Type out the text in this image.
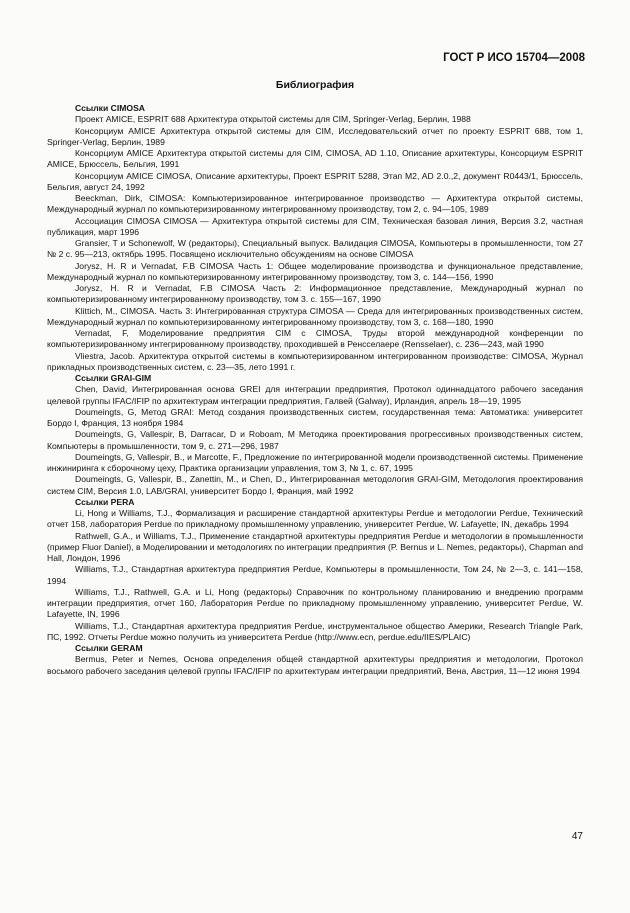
ГОСТ Р ИСО 15704—2008
Библиография
Ссылки CIMOSA
Проект AMICE, ESPRIT 688 Архитектура открытой системы для CIM, Springer-Verlag, Берлин, 1988
Консорциум AMICE Архитектура открытой системы для CIM, Исследовательский отчет по проекту ESPRIT 688, том 1, Springer-Verlag, Берлин, 1989
Консорциум AMICE Архитектура открытой системы для CIM, CIMOSA, AD 1.10, Описание архитектуры, Консорциум ESPRIT AMICE, Брюссель, Бельгия, 1991
Консорциум AMICE CIMOSA, Описание архитектуры, Проект ESPRIT 5288, Этап M2, AD 2.0.,2, документ R0443/1, Брюссель, Бельгия, август 24, 1992
Beeckman, Dirk, CIMOSA: Компьютеризированное интегрированное производство — Архитектура открытой системы, Международный журнал по компьютеризированному интегрированному производству, том 2, с. 94—105, 1989
Ассоциация CIMOSA CIMOSA — Архитектура открытой системы для CIM, Техническая базовая линия, Версия 3.2, частная публикация, март 1996
Gransier, T и Schonewolf, W (редакторы), Специальный выпуск. Валидация CIMOSA, Компьютеры в промышленности, том 27 № 2 с. 95—213, октябрь 1995. Посвящено исключительно обсуждениям на основе CIMOSA
Jorysz, H. R и Vernadat, F.B CIMOSA Часть 1: Общее моделирование производства и функциональное представление, Международный журнал по компьютеризированному интегрированному производству, том 3, с. 144—156, 1990
Jorysz, H. R и Vernadat, F.B CIMOSA Часть 2: Информационное представление, Международный журнал по компьютеризированному интегрированному производству, том 3. с. 155—167, 1990
Klittich, M., CIMOSA. Часть 3: Интегрированная структура CIMOSA — Среда для интегрированных производственных систем, Международный журнал по компьютеризированному интегрированному производству, том 3, с. 168—180, 1990
Vernadat, F, Моделирование предприятия CIM с CIMOSA, Труды второй международной конференции по компьютеризированному интегрированному производству, проходившей в Ренсселаере (Rensselaer), с. 236—243, май 1990
Vliestra, Jacob. Архитектура открытой системы в компьютеризированном интегрированном производстве: CIMOSA, Журнал прикладных производственных систем, с. 23—35, лето 1991 г.
Ссылки GRAI-GIM
Chen, David, Интегрированная основа GREI для интеграции предприятия, Протокол одиннадцатого рабочего заседания целевой группы IFAC/IFIP по архитектурам интеграции предприятия, Галвей (Galway), Ирландия, апрель 18—19, 1995
Doumeingts, G, Метод GRAI: Метод создания производственных систем, государственная тема: Автоматика: университет Бордо I, Франция, 13 ноября 1984
Doumeingts, G, Vallespir, B, Darracar, D и Roboam, M Методика проектирования прогрессивных производственных систем, Компьютеры в промышленности, том 9, с. 271—296, 1987
Doumeingts, G, Vallespir, B., и Marcotte, F., Предложение по интегрированной модели производственной системы. Применение инжиниринга к сборочному цеху, Практика организации управления, том 3, № 1, с. 67, 1995
Doumeingts, G, Vallespir, B., Zanettin, M., и Chen, D., Интегрированная методология GRAI-GIM, Методология проектирования систем CIM, Версия 1.0, LAB/GRAI, университет Бордо I, Франция, май 1992
Ссылки PERA
Li, Hong и Williams, T.J., Формализация и расширение стандартной архитектуры Perdue и методологии Perdue, Технический отчет 158, лаборатория Perdue по прикладному промышленному управлению, университет Perdue, W. Lafayette, IN, декабрь 1994
Rathwell, G.A., и Williams, T.J., Применение стандартной архитектуры предприятия Perdue и методологии в промышленности (пример Fluor Daniel), в Моделировании и методологиях по интеграции предприятия (P. Bernus и L. Nemes, редакторы), Chapman and Hall, Лондон, 1996
Williams, T.J., Стандартная архитектура предприятия Perdue, Компьютеры в промышленности, Том 24, № 2—3, с. 141—158, 1994
Williams, T.J., Rathwell, G.A. и Li, Hong (редакторы) Справочник по контрольному планированию и внедрению программ интеграции предприятия, отчет 160, Лаборатория Perdue по прикладному промышленному управлению, университет Perdue, W. Lafayette, IN, 1996
Williams, T.J., Стандартная архитектура предприятия Perdue, инструментальное общество Америки, Research Triangle Park, ПС, 1992. Отчеты Perdue можно получить из университета Perdue (http://www.ecn, perdue.edu/IIES/PLAIC)
Ссылки GERAM
Bermus, Peter и Nemes, Основа определения общей стандартной архитектуры предприятия и методологии, Протокол восьмого рабочего заседания целевой группы IFAC/IFIP по архитектурам интеграции предприятий, Вена, Австрия, 11—12 июня 1994
47
